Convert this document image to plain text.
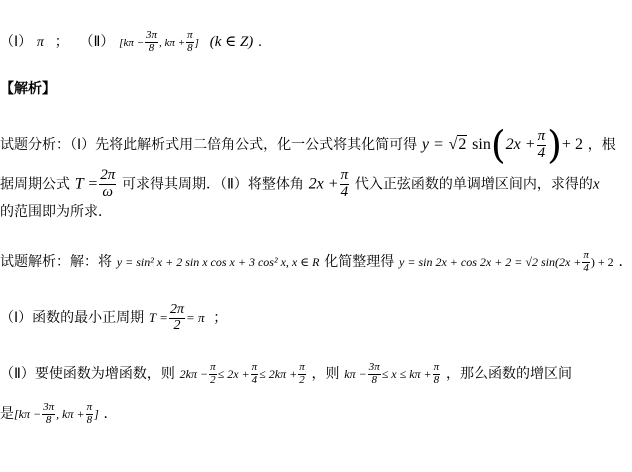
（Ⅰ） π ； （Ⅱ） [$k\pi - \frac{3\pi}{8}$ , $k\pi + \frac{\pi}{8}$ ] (k ∈ Z) .
【解析】
试题分析：（Ⅰ）先将此解析式用二倍角公式，化一公式将其化简可得 y = √2 $\sin(2x + \frac{\pi}{4}$ )+ 2 ，根
据周期公式 $T = \frac{2\pi}{\omega}$ 可求得其周期．（Ⅱ）将整体角 $2x + \frac{\pi}{4}$ 代入正弦函数的单调增区间内，求得的x
的范围即为所求．
试题解析：解：将 y = sin² x + 2 sin x cos x + 3 cos² x, x ∈ R 化简整理得 y = sin 2x + cos 2x + 2 = √2 $\sin(2x + \frac{\pi}{4}$ ) + 2 ．
（Ⅰ）函数的最小正周期 $T = \frac{2\pi}{2} = \pi$ ；
（Ⅱ）要使函数为增函数，则 $2k\pi - \frac{\pi}{2} \le 2x + \frac{\pi}{4} \le 2k\pi + \frac{\pi}{2}$ ，则 $k\pi - \frac{3\pi}{8} \le x \le k\pi + \frac{\pi}{8}$ ，那么函数的增区间
是[$k\pi - \frac{3\pi}{8}$ , $k\pi + \frac{\pi}{8}$ ] ．
